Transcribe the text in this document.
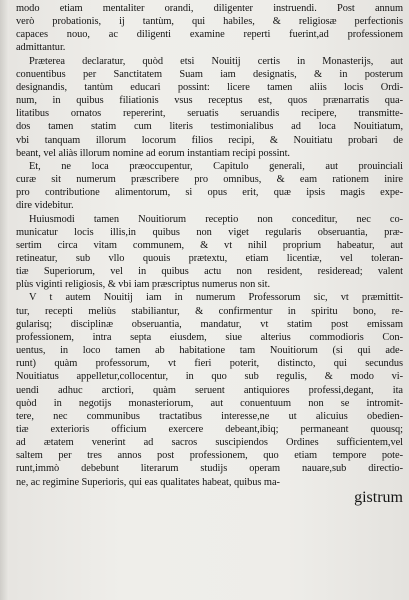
modo etiam mentaliter orandi, diligenter instruendi. Post annum
verò probationis, ij tantùm, qui habiles, & religiosæ perfectionis
capaces nouo, ac diligenti examine reperti fuerint,ad professionem
admittantur.

Præterea declaratur, quòd etsi Nouitij certis in Monasterijs, aut
conuentibus per Sanctitatem Suam iam designatis, & in posterum
designandis, tantùm educari possint: licere tamen aliis locis Ordi-
num, in quibus filiationis vsus receptus est, quos prænarratis qua-
litatibus ornatos repererint, seruatis seruandis recipere, transmitte-
dos tamen statim cum literis testimonialibus ad loca Nouitiatum,
vbi tanquam illorum locorum filios recipi, & Nouitiatu probari de
beant, vel aliàs illorum nomine ad eorum instantiam recipi possint.

Et, ne loca præoccupentur, Capitulo generali, aut prouinciali
curæ sit numerum præscribere pro omnibus, & eam rationem inire
pro contributione alimentorum, si opus erit, quæ ipsis magis expe-
dire videbitur.

Huiusmodi tamen Nouitiorum receptio non conceditur, nec co-
municatur locis illis,in quibus non viget regularis obseruantia, præ-
sertim circa vitam communem, & vt nihil proprium habeatur, aut
retineatur, sub vllo quouis prætextu, etiam licentiæ, vel toleran-
tiæ Superiorum, vel in quibus actu non resident, resideread; valent
plùs viginti religiosis, & vbi iam præscriptus numerus non sit.

V t autem Nouitij iam in numerum Professorum sic, vt præmittit-
tur, recepti meliùs stabiliantur, & confirmentur in spiritu bono, re-
gularisq; disciplinæ obseruantia, mandatur, vt statim post emissam
professionem, intra septa eiusdem, siue alterius commodioris Con-
uentus, in loco tamen ab habitatione tam Nouitiorum (si qui ade-
runt) quàm professorum, vt fieri poterit, distincto, qui secundus
Nouitiatus appelletur,collocentur, in quo sub regulis, & modo vi-
uendi adhuc arctiori, quàm seruent antiquiores professi,degant, ita
quòd in negotijs monasteriorum, aut conuentuum non se intromit-
tere, nec communibus tractatibus interesse,ne ut alicuius obedien-
tiæ exterioris officium exercere debeant,ibiq; permaneant quousq;
ad ætatem venerint ad sacros suscipiendos Ordines sufficientem,vel
saltem per tres annos post professionem, quo etiam tempore pote-
runt,immò debebunt literarum studijs operam nauare,sub directio-
ne, ac regimine Superioris, qui eas qualitates habeat, quibus ma-

gistrum
